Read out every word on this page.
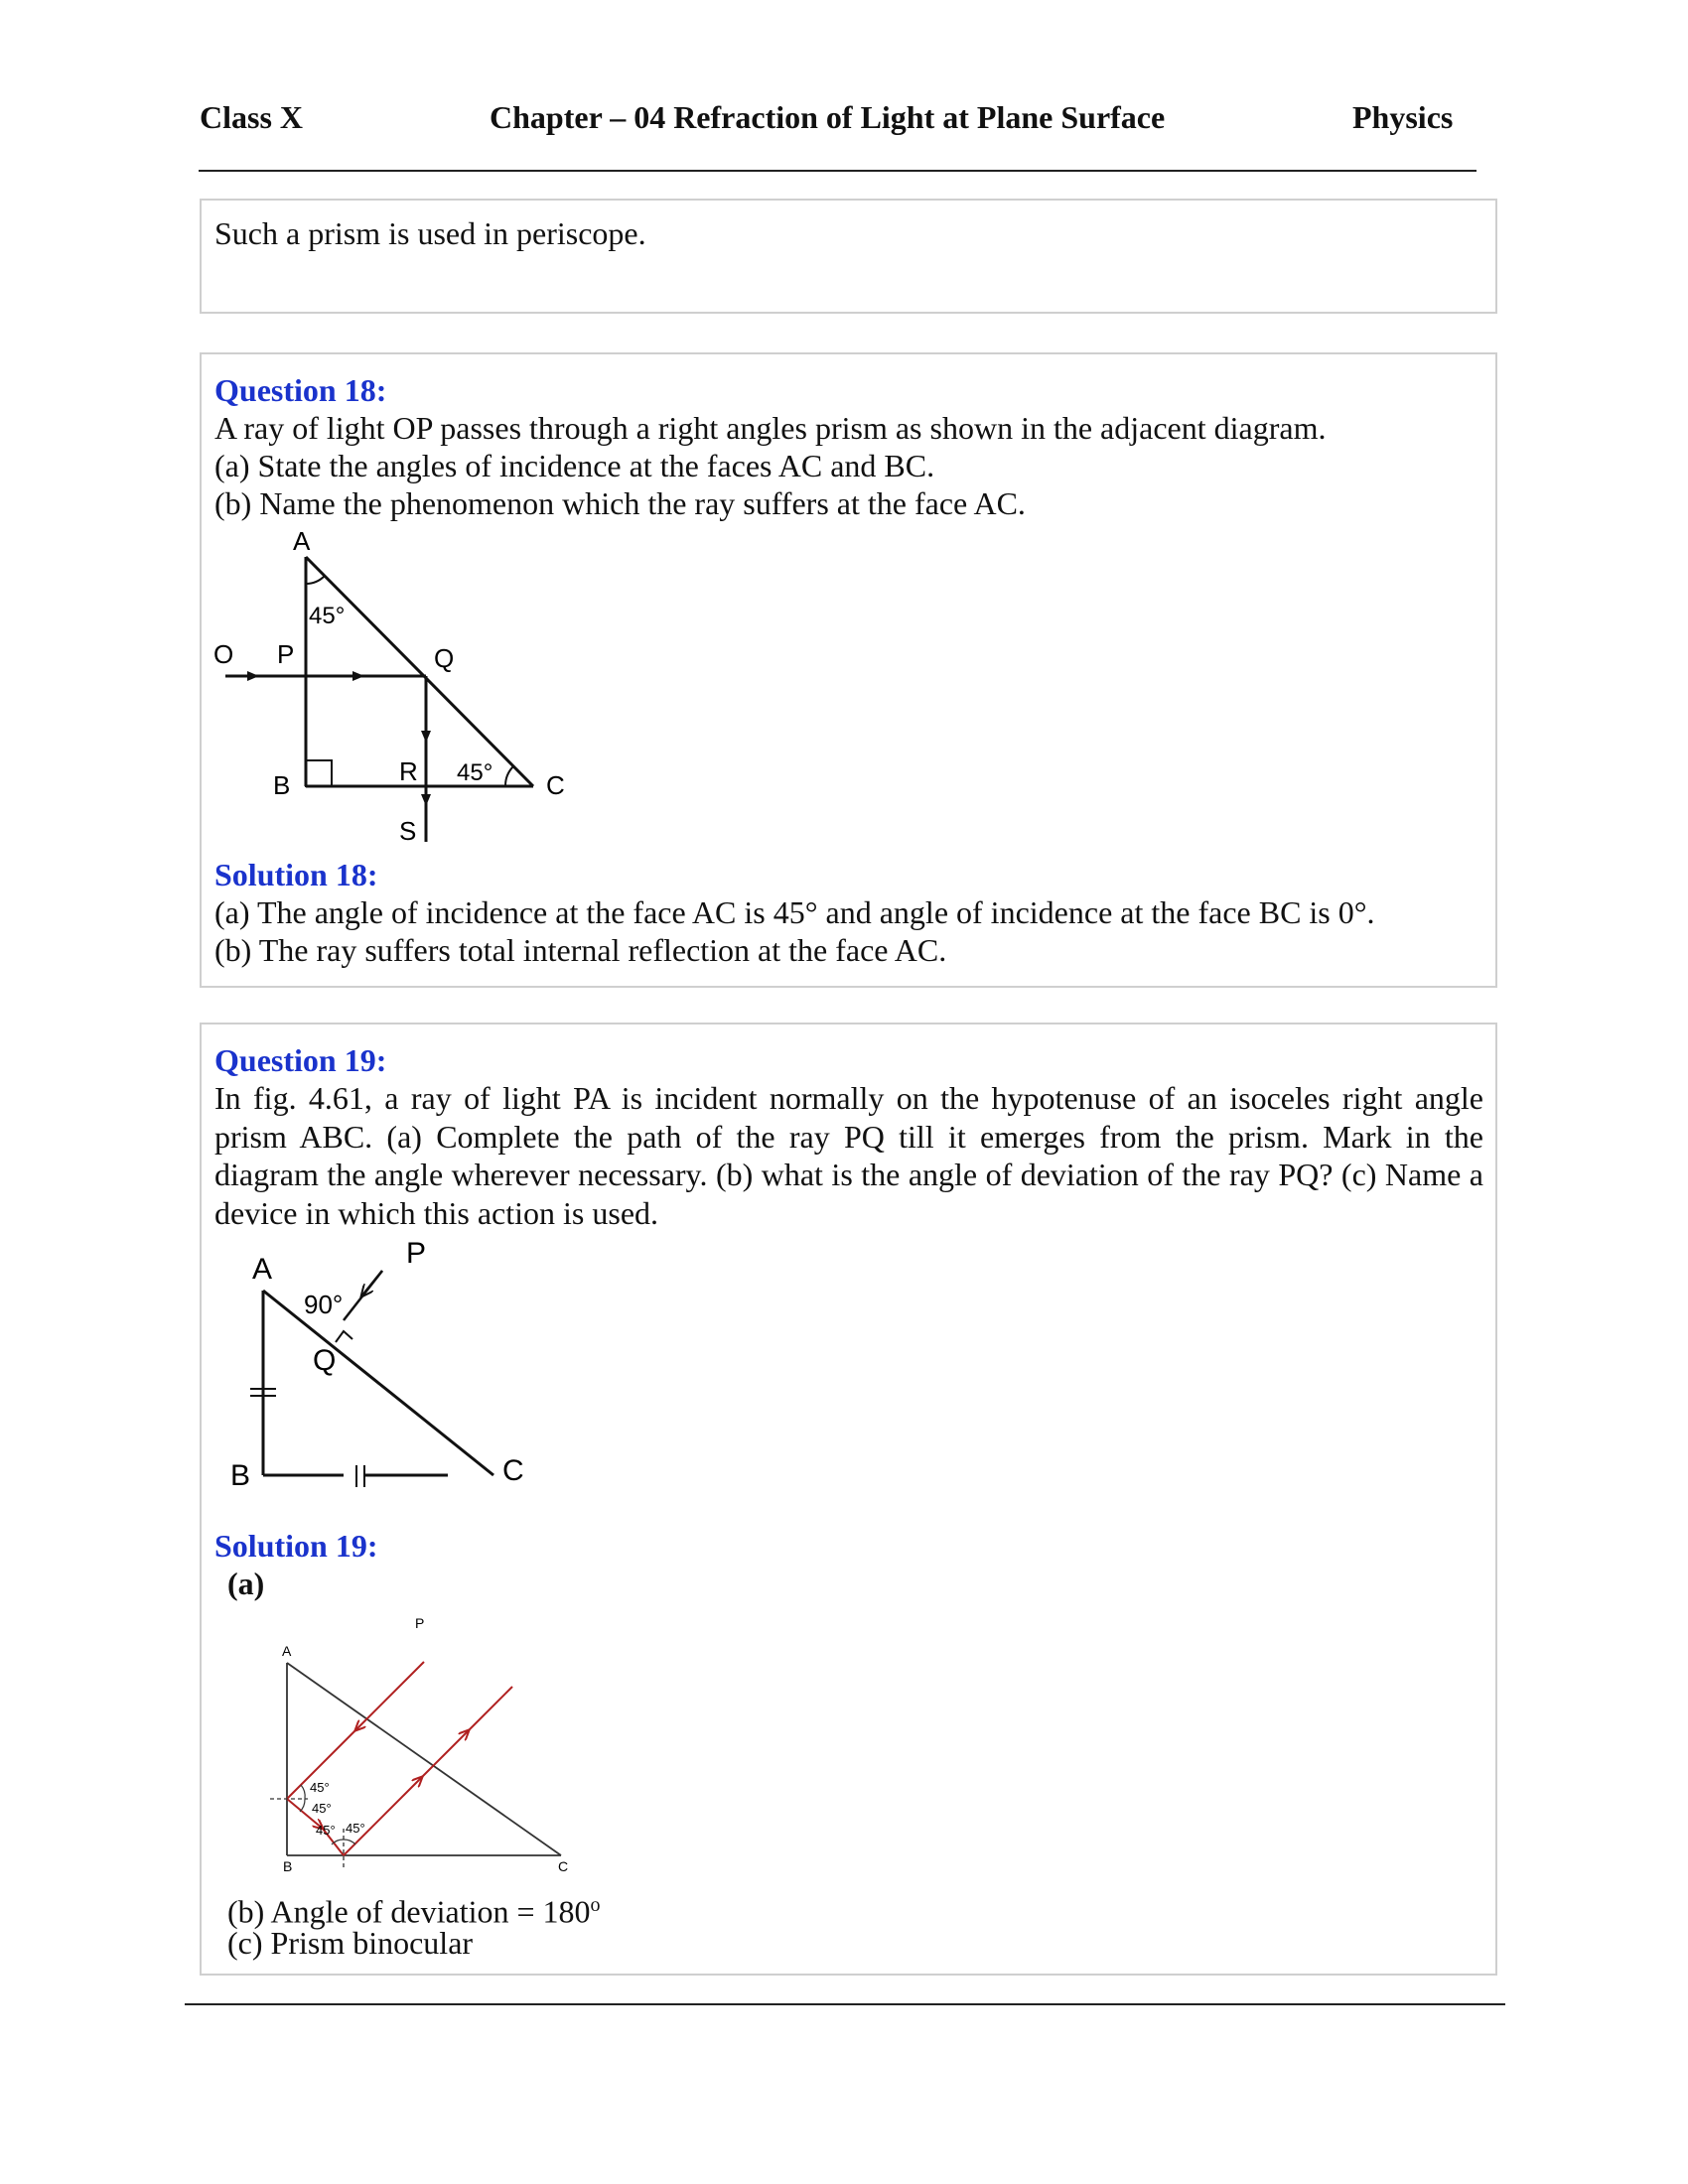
Class X	Chapter – 04 Refraction of Light at Plane Surface	Physics
Such a prism is used in periscope.
Question 18:
A ray of light OP passes through a right angles prism as shown in the adjacent diagram.
(a) State the angles of incidence at the faces AC and BC.
(b) Name the phenomenon which the ray suffers at the face AC.
A
O P	Q
B	R	C
S
45°
45°
Solution 18:
(a) The angle of incidence at the face AC is 45° and angle of incidence at the face BC is 0°.
(b) The ray suffers total internal reflection at the face AC.
Question 19:
In fig. 4.61, a ray of light PA is incident normally on the hypotenuse of an isoceles right angle prism ABC. (a) Complete the path of the ray PQ till it emerges from the prism. Mark in the diagram the angle wherever necessary. (b) what is the angle of deviation of the ray PQ? (c) Name a device in which this action is used.
A	P
90°
Q
B	C
Solution 19:
(a)
A
P
B	C
45°
45°
45° 45°
(b) Angle of deviation = $180^o$
(c) Prism binocular
